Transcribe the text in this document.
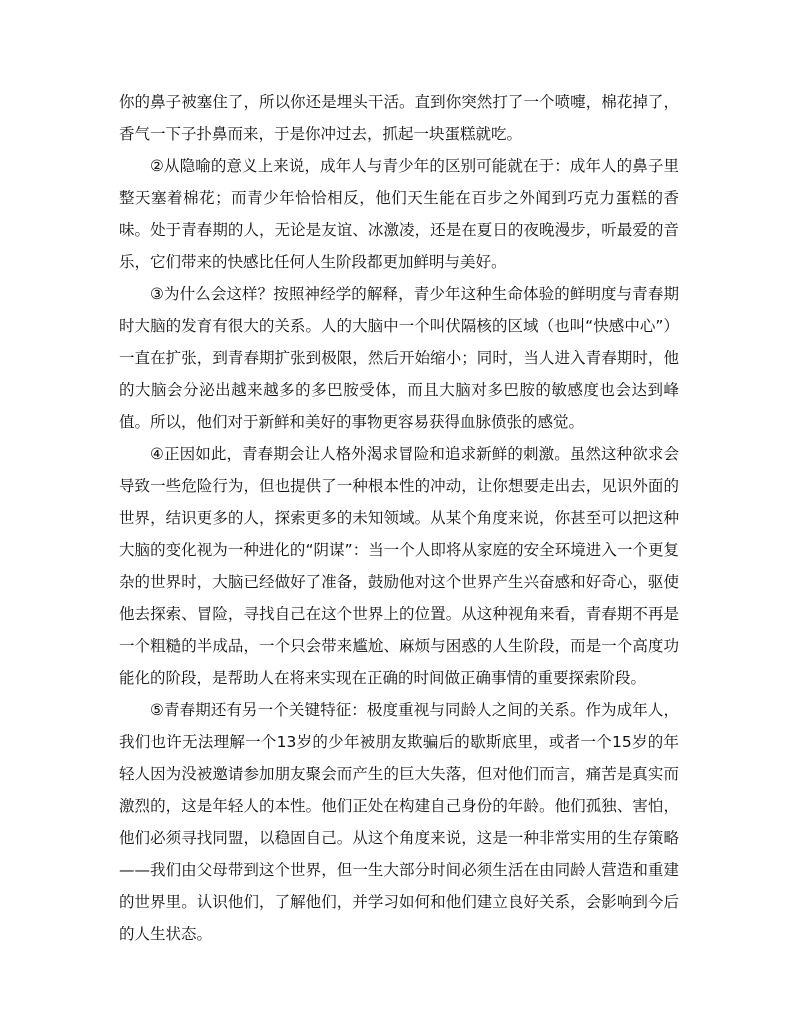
你的鼻子被塞住了，所以你还是埋头干活。直到你突然打了一个喷嚏，棉花掉了，香气一下子扑鼻而来，于是你冲过去，抓起一块蛋糕就吃。

②从隐喻的意义上来说，成年人与青少年的区别可能就在于：成年人的鼻子里整天塞着棉花；而青少年恰恰相反，他们天生能在百步之外闻到巧克力蛋糕的香味。处于青春期的人，无论是友谊、冰激凌，还是在夏日的夜晚漫步，听最爱的音乐，它们带来的快感比任何人生阶段都更加鲜明与美好。

③为什么会这样？按照神经学的解释，青少年这种生命体验的鲜明度与青春期时大脑的发育有很大的关系。人的大脑中一个叫伏隔核的区域（也叫“快感中心”）一直在扩张，到青春期扩张到极限，然后开始缩小；同时，当人进入青春期时，他的大脑会分泌出越来越多的多巴胺受体，而且大脑对多巴胺的敏感度也会达到峰值。所以，他们对于新鲜和美好的事物更容易获得血脉偾张的感觉。

④正因如此，青春期会让人格外渴求冒险和追求新鲜的刺激。虽然这种欲求会导致一些危险行为，但也提供了一种根本性的冲动，让你想要走出去，见识外面的世界，结识更多的人，探索更多的未知领域。从某个角度来说，你甚至可以把这种大脑的变化视为一种进化的“阴谋”：当一个人即将从家庭的安全环境进入一个更复杂的世界时，大脑已经做好了准备，鼓励他对这个世界产生兴奋感和好奇心，驱使他去探索、冒险，寻找自己在这个世界上的位置。从这种视角来看，青春期不再是一个粗糙的半成品，一个只会带来尴尬、麻烦与困惑的人生阶段，而是一个高度功能化的阶段，是帮助人在将来实现在正确的时间做正确事情的重要探索阶段。

⑤青春期还有另一个关键特征：极度重视与同龄人之间的关系。作为成年人，我们也许无法理解一个13岁的少年被朋友欺骗后的歇斯底里，或者一个15岁的年轻人因为没被邀请参加朋友聚会而产生的巨大失落，但对他们而言，痛苦是真实而激烈的，这是年轻人的本性。他们正处在构建自己身份的年龄。他们孤独、害怕，他们必须寻找同盟，以稳固自己。从这个角度来说，这是一种非常实用的生存策略——我们由父母带到这个世界，但一生大部分时间必须生活在由同龄人营造和重建的世界里。认识他们，了解他们，并学习如何和他们建立良好关系，会影响到今后的人生状态。
